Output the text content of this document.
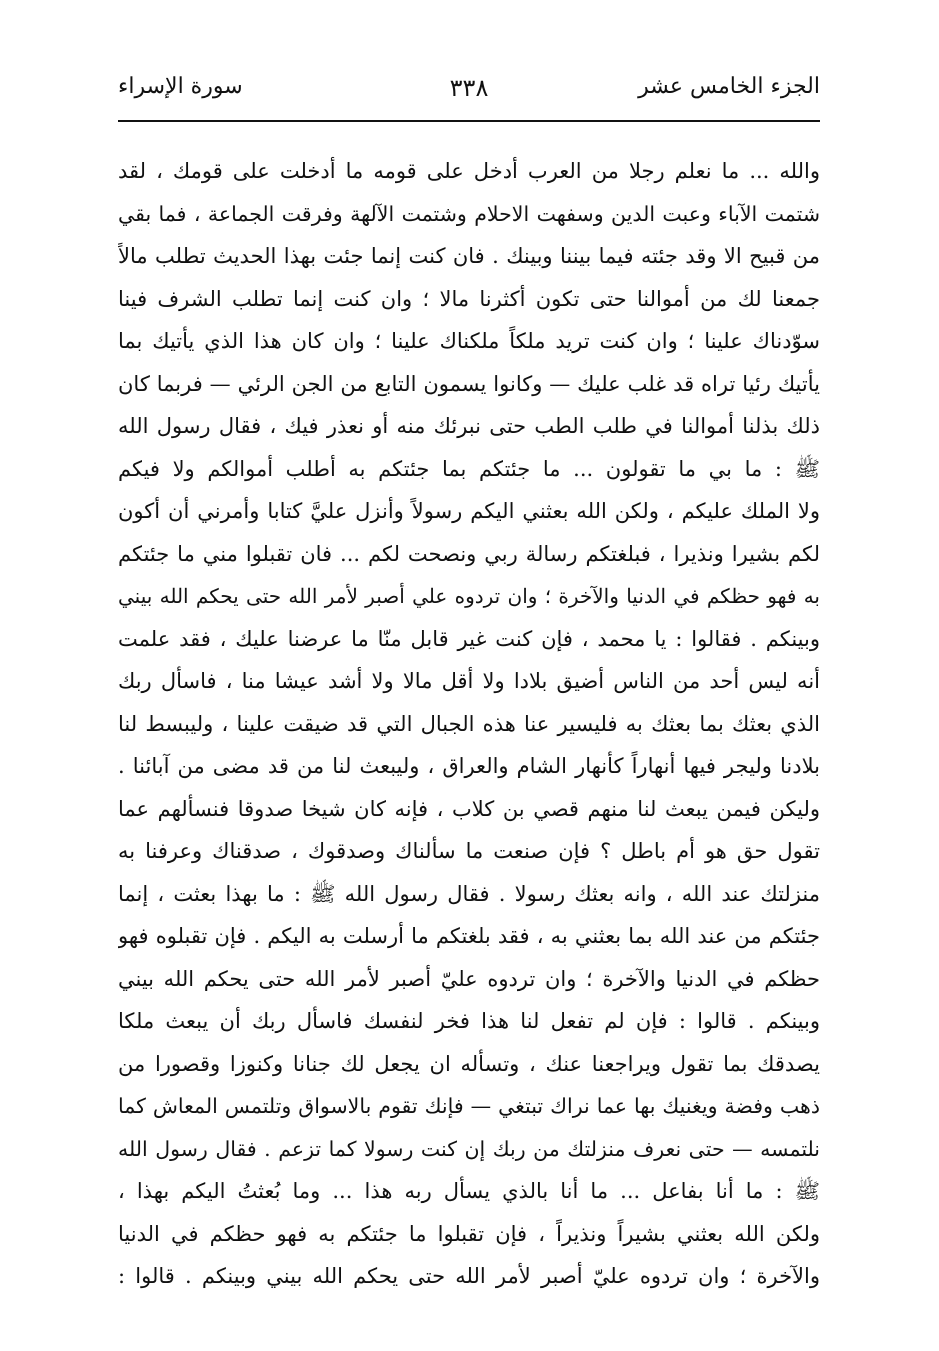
الجزء الخامس عشر
٣٣٨
سورة الإسراء
والله ... ما نعلم رجلا من العرب أدخل على قومه ما أدخلت على قومك ، لقد
شتمت الآباء وعبت الدين وسفهت الاحلام وشتمت الآلهة وفرقت الجماعة ، فما بقي
من قبيح الا وقد جئته فيما بيننا وبينك . فان كنت إنما جئت بهذا الحديث تطلب مالاً
جمعنا لك من أموالنا حتى تكون أكثرنا مالا ؛ وان كنت إنما تطلب الشرف فينا
سوّدناك علينا ؛ وان كنت تريد ملكاً ملكناك علينا ؛ وان كان هذا الذي يأتيك بما
يأتيك رئيا تراه قد غلب عليك — وكانوا يسمون التابع من الجن الرئي — فربما كان
ذلك بذلنا أموالنا في طلب الطب حتى نبرئك منه أو نعذر فيك ، فقال رسول الله
ﷺ : ما بي ما تقولون ... ما جئتكم بما جئتكم به أطلب أموالكم ولا فيكم
ولا الملك عليكم ، ولكن الله بعثني اليكم رسولاً وأنزل عليَّ كتابا وأمرني أن أكون
لكم بشيرا ونذيرا ، فبلغتكم رسالة ربي ونصحت لكم ... فان تقبلوا مني ما جئتكم
به فهو حظكم في الدنيا والآخرة ؛ وان تردوه علي أصبر لأمر الله حتى يحكم الله بيني
وبينكم . فقالوا : يا محمد ، فإن كنت غير قابل منّا ما عرضنا عليك ، فقد علمت
أنه ليس أحد من الناس أضيق بلادا ولا أقل مالا ولا أشد عيشا منا ، فاسأل ربك
الذي بعثك بما بعثك به فليسير عنا هذه الجبال التي قد ضيقت علينا ، وليبسط لنا
بلادنا وليجر فيها أنهاراً كأنهار الشام والعراق ، وليبعث لنا من قد مضى من آبائنا .
وليكن فيمن يبعث لنا منهم قصي بن كلاب ، فإنه كان شيخا صدوقا فنسألهم عما
تقول حق هو أم باطل ؟ فإن صنعت ما سألناك وصدقوك ، صدقناك وعرفنا به
منزلتك عند الله ، وانه بعثك رسولا . فقال رسول الله ﷺ : ما بهذا بعثت ، إنما
جئتكم من عند الله بما بعثني به ، فقد بلغتكم ما أرسلت به اليكم . فإن تقبلوه فهو
حظكم في الدنيا والآخرة ؛ وان تردوه عليّ أصبر لأمر الله حتى يحكم الله بيني
وبينكم . قالوا : فإن لم تفعل لنا هذا فخر لنفسك فاسأل ربك أن يبعث ملكا
يصدقك بما تقول ويراجعنا عنك ، وتسأله ان يجعل لك جنانا وكنوزا وقصورا من
ذهب وفضة ويغنيك بها عما نراك تبتغي — فإنك تقوم بالاسواق وتلتمس المعاش كما
نلتمسه — حتى نعرف منزلتك من ربك إن كنت رسولا كما تزعم . فقال رسول الله
ﷺ : ما أنا بفاعل ... ما أنا بالذي يسأل ربه هذا ... وما بُعثتُ اليكم بهذا ،
ولكن الله بعثني بشيراً ونذيراً ، فإن تقبلوا ما جئتكم به فهو حظكم في الدنيا
والآخرة ؛ وان تردوه عليّ أصبر لأمر الله حتى يحكم الله بيني وبينكم . قالوا :
